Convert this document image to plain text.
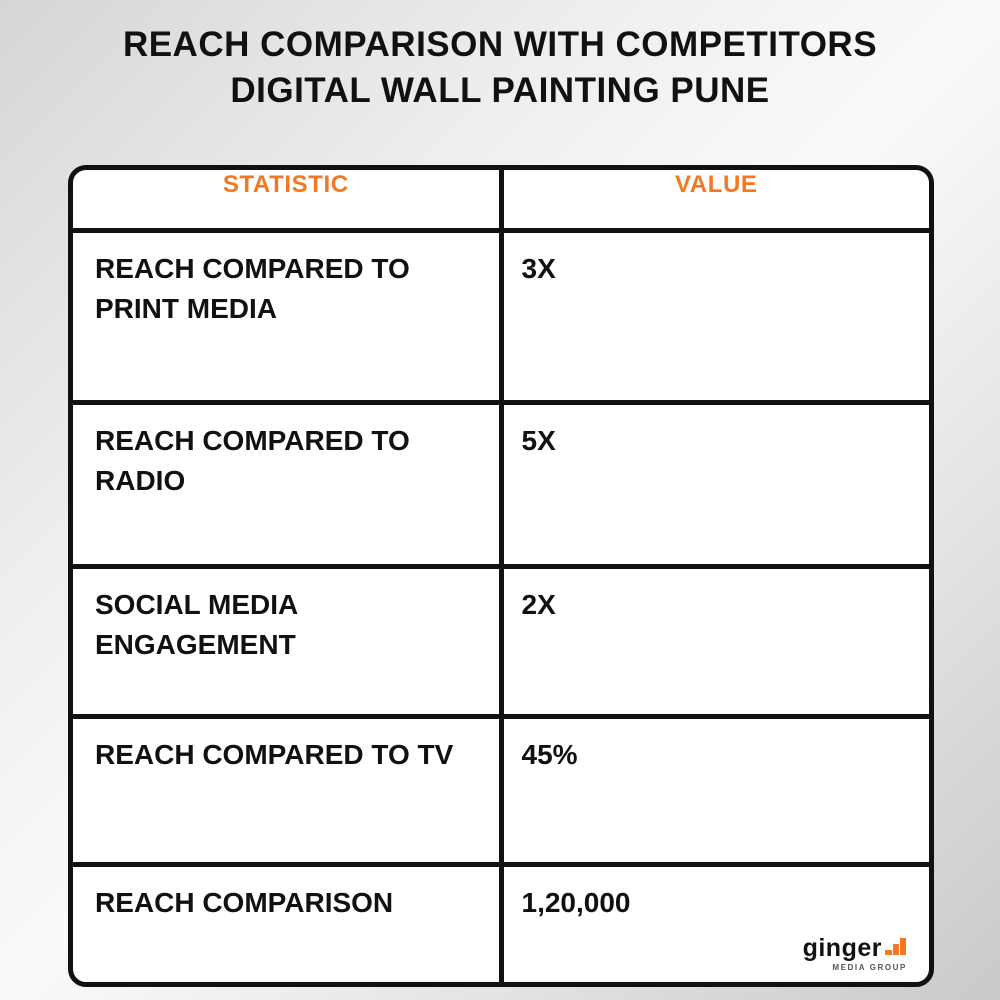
REACH COMPARISON WITH COMPETITORS
DIGITAL WALL PAINTING PUNE
STATISTIC	VALUE
REACH COMPARED TO PRINT MEDIA	3X
REACH COMPARED TO RADIO	5X
SOCIAL MEDIA ENGAGEMENT	2X
REACH COMPARED TO TV	45%
REACH COMPARISON	1,20,000
ginger
MEDIA GROUP
